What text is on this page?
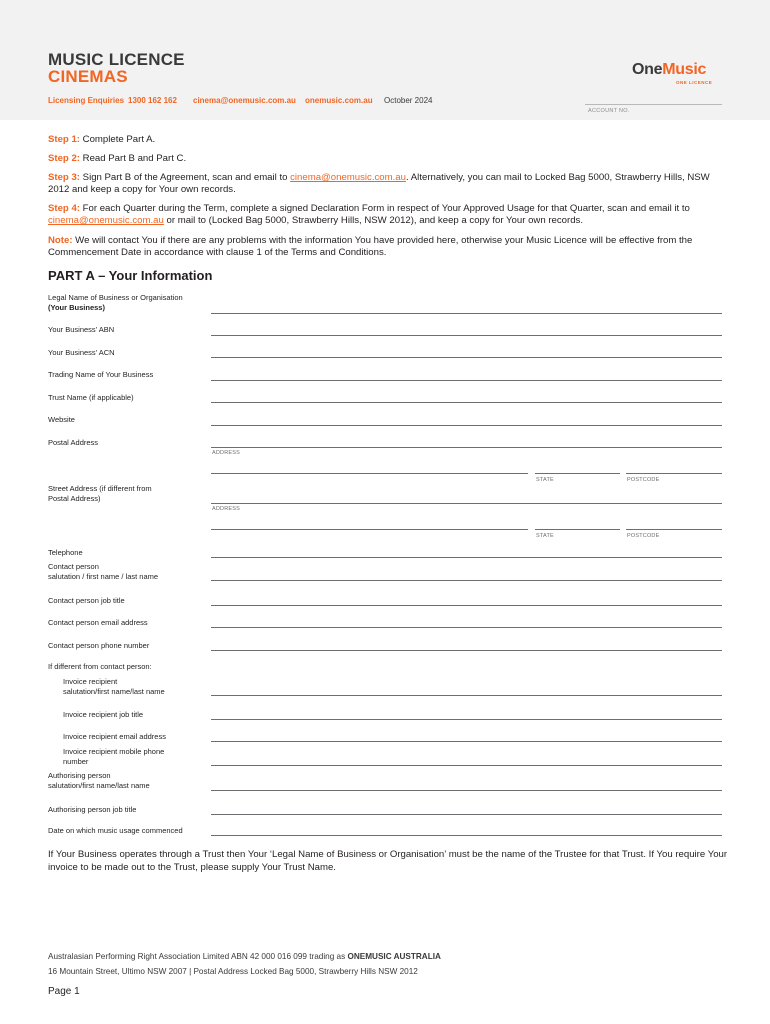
MUSIC LICENCE
CINEMAS
Licensing Enquiries 1300 162 162 cinema@onemusic.com.au onemusic.com.au October 2024
OneMusic
ONE LICENCE
ACCOUNT NO.
Step 1: Complete Part A.
Step 2: Read Part B and Part C.
Step 3: Sign Part B of the Agreement, scan and email to cinema@onemusic.com.au. Alternatively, you can mail to Locked Bag 5000, Strawberry Hills, NSW 2012 and keep a copy for Your own records.
Step 4: For each Quarter during the Term, complete a signed Declaration Form in respect of Your Approved Usage for that Quarter, scan and email it to cinema@onemusic.com.au or mail to (Locked Bag 5000, Strawberry Hills, NSW 2012), and keep a copy for Your own records.
Note: We will contact You if there are any problems with the information You have provided here, otherwise your Music Licence will be effective from the Commencement Date in accordance with clause 1 of the Terms and Conditions.
PART A – Your Information
Legal Name of Business or Organisation
(Your Business)
Your Business’ ABN
Your Business’ ACN
Trading Name of Your Business
Trust Name (if applicable)
Website
Postal Address
ADDRESS
STATE	POSTCODE
Street Address (if different from
Postal Address)
ADDRESS
STATE	POSTCODE
Telephone
Contact person
salutation / first name / last name
Contact person job title
Contact person email address
Contact person phone number
If different from contact person:
Invoice recipient
salutation/first name/last name
Invoice recipient job title
Invoice recipient email address
Invoice recipient mobile phone
number
Authorising person
salutation/first name/last name
Authorising person job title
Date on which music usage commenced
If Your Business operates through a Trust then Your ‘Legal Name of Business or Organisation’ must be the name of the Trustee for that Trust. If You require Your invoice to be made out to the Trust, please supply Your Trust Name.
Australasian Performing Right Association Limited ABN 42 000 016 099 trading as ONEMUSIC AUSTRALIA
16 Mountain Street, Ultimo NSW 2007 | Postal Address Locked Bag 5000, Strawberry Hills NSW 2012
Page 1
